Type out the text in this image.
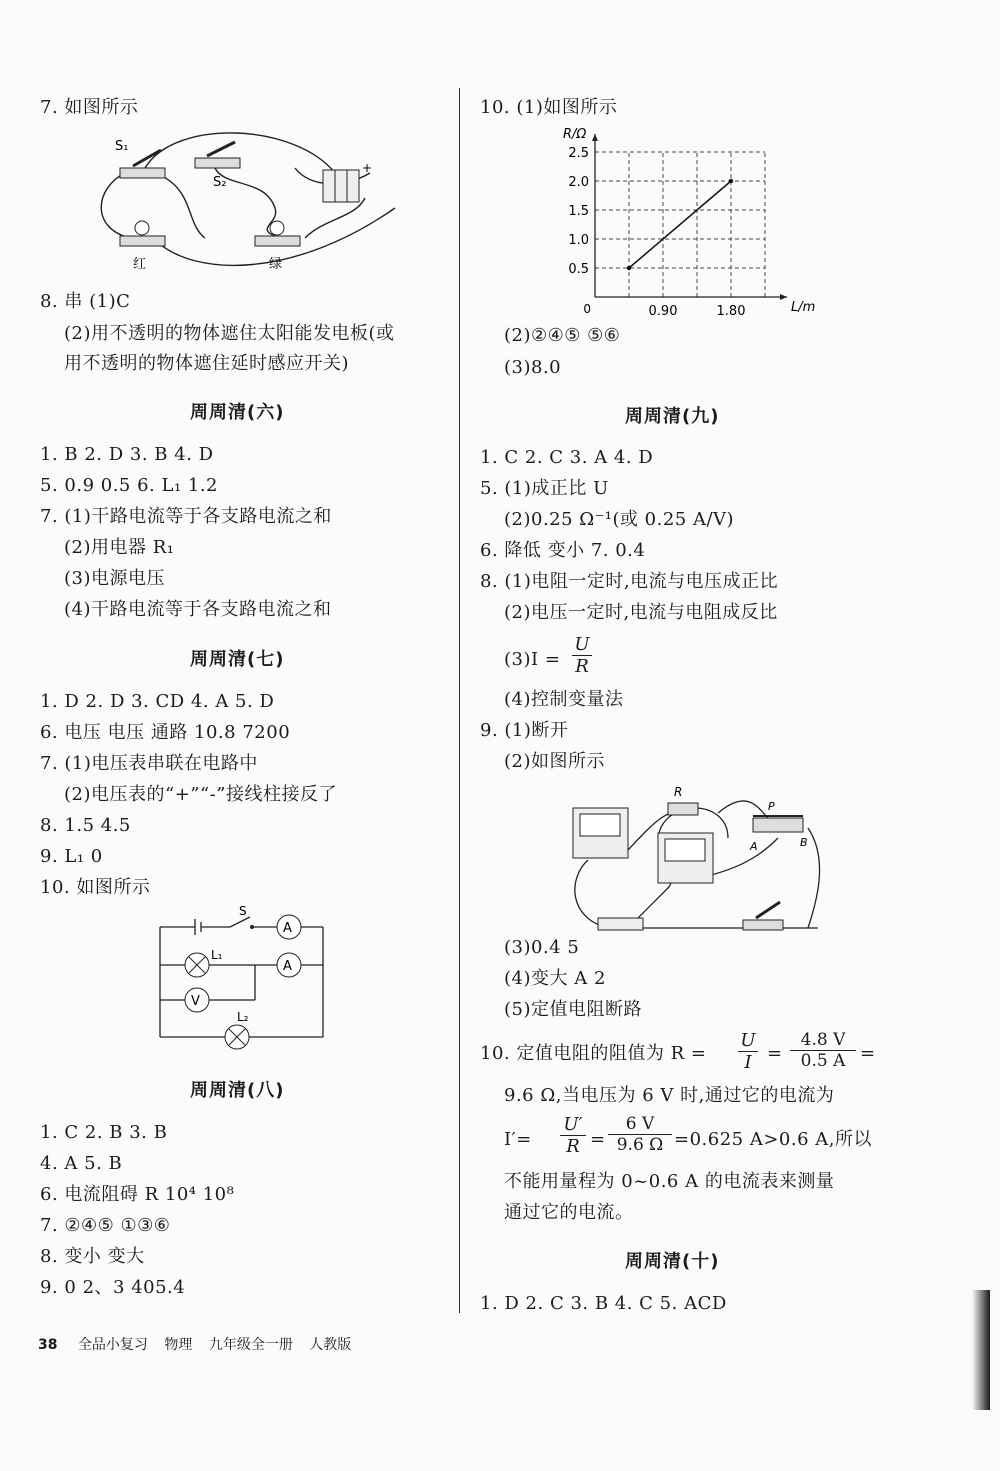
7. 如图所示
S₁
S₂
+
红	绿
8. 串 (1)C
(2)用不透明的物体遮住太阳能发电板(或
用不透明的物体遮住延时感应开关)
周周清(六)
1. B 2. D 3. B 4. D
5. 0.9 0.5 6. L₁ 1.2
7. (1)干路电流等于各支路电流之和
(2)用电器 R₁
(3)电源电压
(4)干路电流等于各支路电流之和
周周清(七)
1. D 2. D 3. CD 4. A 5. D
6. 电压 电压 通路 10.8 7200
7. (1)电压表串联在电路中
(2)电压表的“+”“-”接线柱接反了
8. 1.5 4.5
9. L₁ 0
10. 如图所示
S
A
L₁
A
V
L₂
周周清(八)
1. C 2. B 3. B
4. A 5. B
6. 电流阻碍 R 10⁴ 10⁸
7. ②④⑤ ①③⑥
8. 变小 变大
9. 0 2、3 405.4
10. (1)如图所示
0.5
1.0
1.5
2.0
2.5
0.90	1.80
0
R/Ω
L/m
(2)②④⑤ ⑤⑥
(3)8.0
周周清(九)
1. C 2. C 3. A 4. D
5. (1)成正比 U
(2)0.25 Ω⁻¹(或 0.25 A/V)
6. 降低 变小 7. 0.4
8. (1)电阻一定时,电流与电压成正比
(2)电压一定时,电流与电阻成反比
$(3)I = \frac{U}{R}$
(4)控制变量法
9. (1)断开
(2)如图所示
R
P
A	B
(3)0.4 5
(4)变大 A 2
(5)定值电阻断路
10. 定值电阻的阻值为 $R = \frac{U}{I} = \frac{4.8 V}{0.5 A}$ =
9.6 Ω,当电压为 6 V 时,通过它的电流为
$I'= \frac{U'}{R} = \frac{6 V}{9.6 \Omega} =0.625$ A>0.6 A,所以
不能用量程为 0~0.6 A 的电流表来测量
通过它的电流。
周周清(十)
1. D 2. C 3. B 4. C 5. ACD
38 全品小复习 物理 九年级全一册 人教版
